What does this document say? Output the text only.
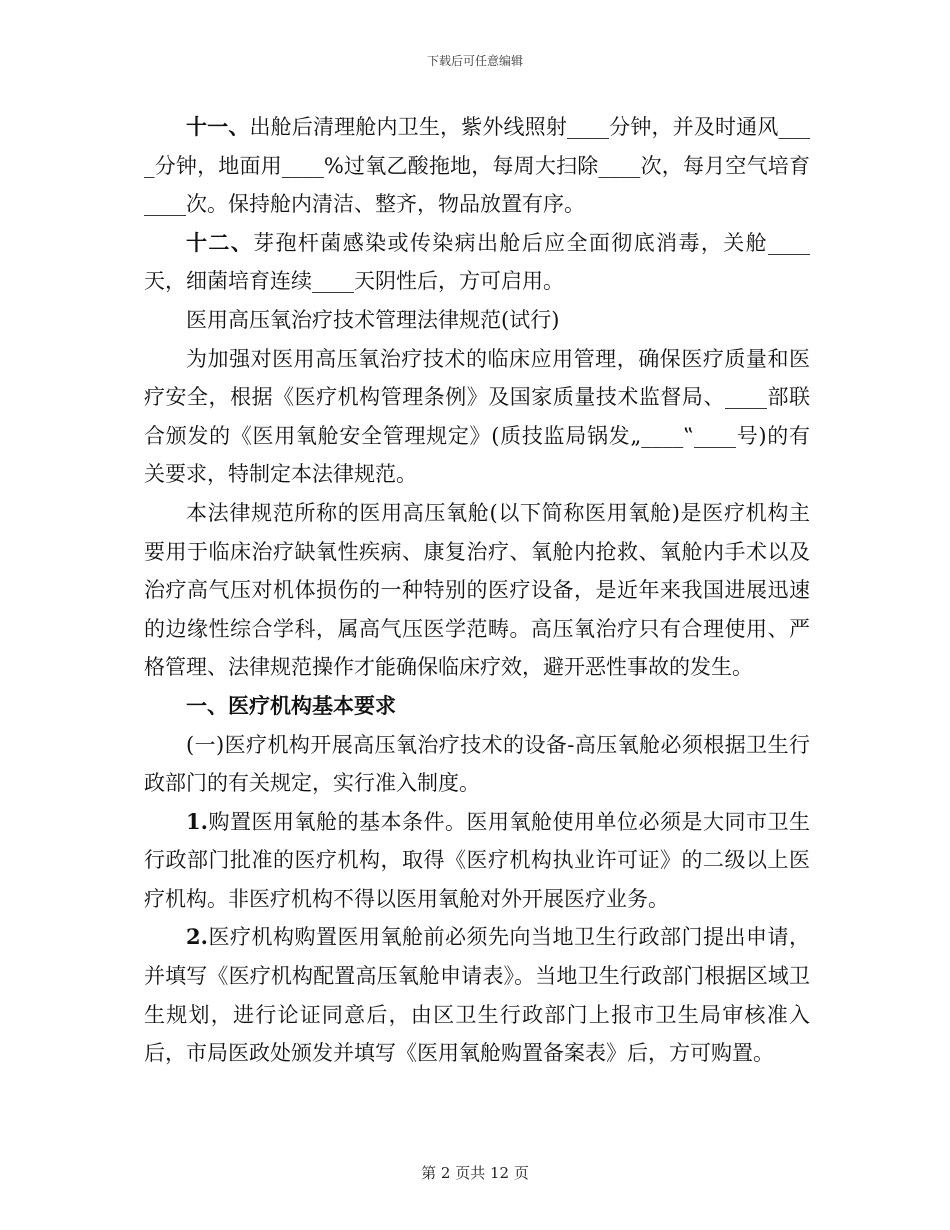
下载后可任意编辑

十一、出舱后清理舱内卫生，紫外线照射____分钟，并及时通风____分钟，地面用____%过氧乙酸拖地，每周大扫除____次，每月空气培育____次。保持舱内清洁、整齐，物品放置有序。

十二、芽孢杆菌感染或传染病出舱后应全面彻底消毒，关舱____天，细菌培育连续____天阴性后，方可启用。

医用高压氧治疗技术管理法律规范(试行)

为加强对医用高压氧治疗技术的临床应用管理，确保医疗质量和医疗安全，根据《医疗机构管理条例》及国家质量技术监督局、____部联合颁发的《医用氧舱安全管理规定》(质技监局锅发„____‟____号)的有关要求，特制定本法律规范。

本法律规范所称的医用高压氧舱(以下简称医用氧舱)是医疗机构主要用于临床治疗缺氧性疾病、康复治疗、氧舱内抢救、氧舱内手术以及治疗高气压对机体损伤的一种特别的医疗设备，是近年来我国进展迅速的边缘性综合学科，属高气压医学范畴。高压氧治疗只有合理使用、严格管理、法律规范操作才能确保临床疗效，避开恶性事故的发生。

一、医疗机构基本要求

(一)医疗机构开展高压氧治疗技术的设备-高压氧舱必须根据卫生行政部门的有关规定，实行准入制度。

1.购置医用氧舱的基本条件。医用氧舱使用单位必须是大同市卫生行政部门批准的医疗机构，取得《医疗机构执业许可证》的二级以上医疗机构。非医疗机构不得以医用氧舱对外开展医疗业务。

2.医疗机构购置医用氧舱前必须先向当地卫生行政部门提出申请，并填写《医疗机构配置高压氧舱申请表》。当地卫生行政部门根据区域卫生规划，进行论证同意后，由区卫生行政部门上报市卫生局审核准入后，市局医政处颁发并填写《医用氧舱购置备案表》后，方可购置。

第 2 页共 12 页
